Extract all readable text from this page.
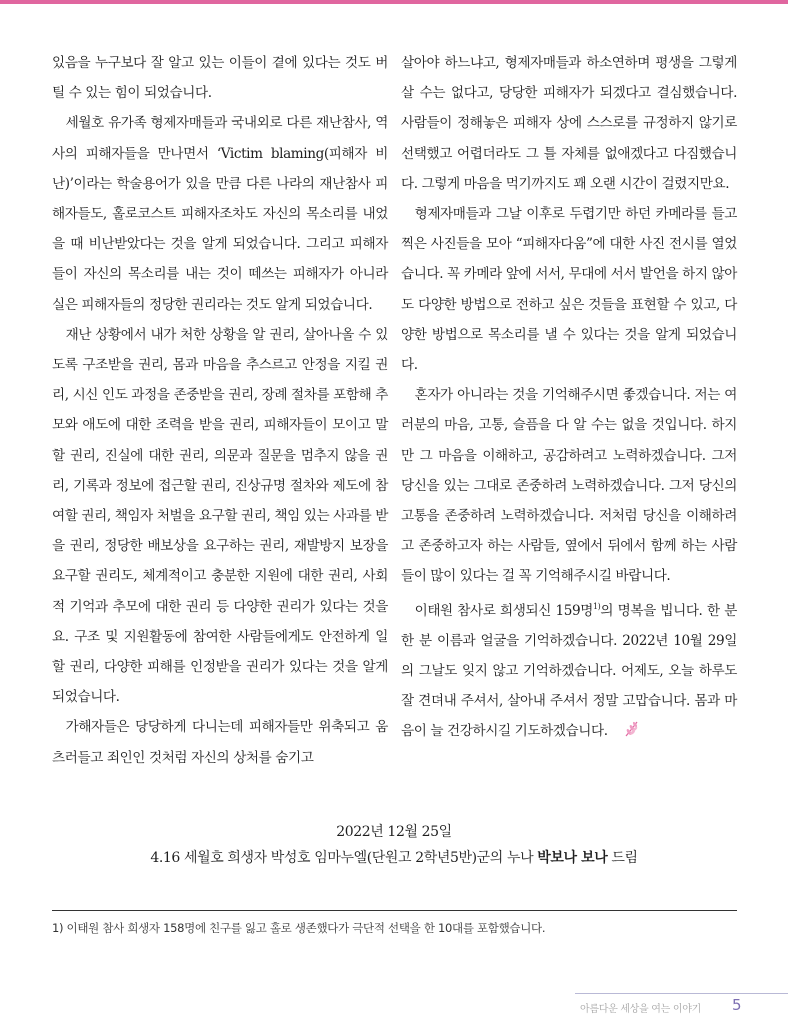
있음을 누구보다 잘 알고 있는 이들이 곁에 있다는 것도 버틸 수 있는 힘이 되었습니다.

세월호 유가족 형제자매들과 국내외로 다른 재난참사, 역사의 피해자들을 만나면서 ‘Victim blaming(피해자 비난)’이라는 학술용어가 있을 만큼 다른 나라의 재난참사 피해자들도, 홀로코스트 피해자조차도 자신의 목소리를 내었을 때 비난받았다는 것을 알게 되었습니다. 그리고 피해자들이 자신의 목소리를 내는 것이 떼쓰는 피해자가 아니라 실은 피해자들의 정당한 권리라는 것도 알게 되었습니다.

재난 상황에서 내가 처한 상황을 알 권리, 살아나올 수 있도록 구조받을 권리, 몸과 마음을 추스르고 안정을 지킬 권리, 시신 인도 과정을 존중받을 권리, 장례 절차를 포함해 추모와 애도에 대한 조력을 받을 권리, 피해자들이 모이고 말할 권리, 진실에 대한 권리, 의문과 질문을 멈추지 않을 권리, 기록과 정보에 접근할 권리, 진상규명 절차와 제도에 참여할 권리, 책임자 처벌을 요구할 권리, 책임 있는 사과를 받을 권리, 정당한 배보상을 요구하는 권리, 재발방지 보장을 요구할 권리도, 체계적이고 충분한 지원에 대한 권리, 사회적 기억과 추모에 대한 권리 등 다양한 권리가 있다는 것을요. 구조 및 지원활동에 참여한 사람들에게도 안전하게 일할 권리, 다양한 피해를 인정받을 권리가 있다는 것을 알게 되었습니다.

가해자들은 당당하게 다니는데 피해자들만 위축되고 움츠러들고 죄인인 것처럼 자신의 상처를 숨기고

살아야 하느냐고, 형제자매들과 하소연하며 평생을 그렇게 살 수는 없다고, 당당한 피해자가 되겠다고 결심했습니다. 사람들이 정해놓은 피해자 상에 스스로를 규정하지 않기로 선택했고 어렵더라도 그 틀 자체를 없애겠다고 다짐했습니다. 그렇게 마음을 먹기까지도 꽤 오랜 시간이 걸렸지만요.

형제자매들과 그날 이후로 두렵기만 하던 카메라를 들고 찍은 사진들을 모아 “피해자다움”에 대한 사진 전시를 열었습니다. 꼭 카메라 앞에 서서, 무대에 서서 발언을 하지 않아도 다양한 방법으로 전하고 싶은 것들을 표현할 수 있고, 다양한 방법으로 목소리를 낼 수 있다는 것을 알게 되었습니다.

혼자가 아니라는 것을 기억해주시면 좋겠습니다. 저는 여러분의 마음, 고통, 슬픔을 다 알 수는 없을 것입니다. 하지만 그 마음을 이해하고, 공감하려고 노력하겠습니다. 그저 당신을 있는 그대로 존중하려 노력하겠습니다. 그저 당신의 고통을 존중하려 노력하겠습니다. 저처럼 당신을 이해하려고 존중하고자 하는 사람들, 옆에서 뒤에서 함께 하는 사람들이 많이 있다는 걸 꼭 기억해주시길 바랍니다.

이태원 참사로 희생되신 159명$^{1)}$의 명복을 빕니다. 한 분 한 분 이름과 얼굴을 기억하겠습니다. 2022년 10월 29일의 그날도 잊지 않고 기억하겠습니다. 어제도, 오늘 하루도 잘 견뎌내 주셔서, 살아내 주셔서 정말 고맙습니다. 몸과 마음이 늘 건강하시길 기도하겠습니다.

2022년 12월 25일
4.16 세월호 희생자 박성호 임마누엘(단원고 2학년5반)군의 누나 박보나 보나 드림
1) 이태원 참사 희생자 158명에 친구를 잃고 홀로 생존했다가 극단적 선택을 한 10대를 포함했습니다.
아름다운 세상을 여는 이야기 5
